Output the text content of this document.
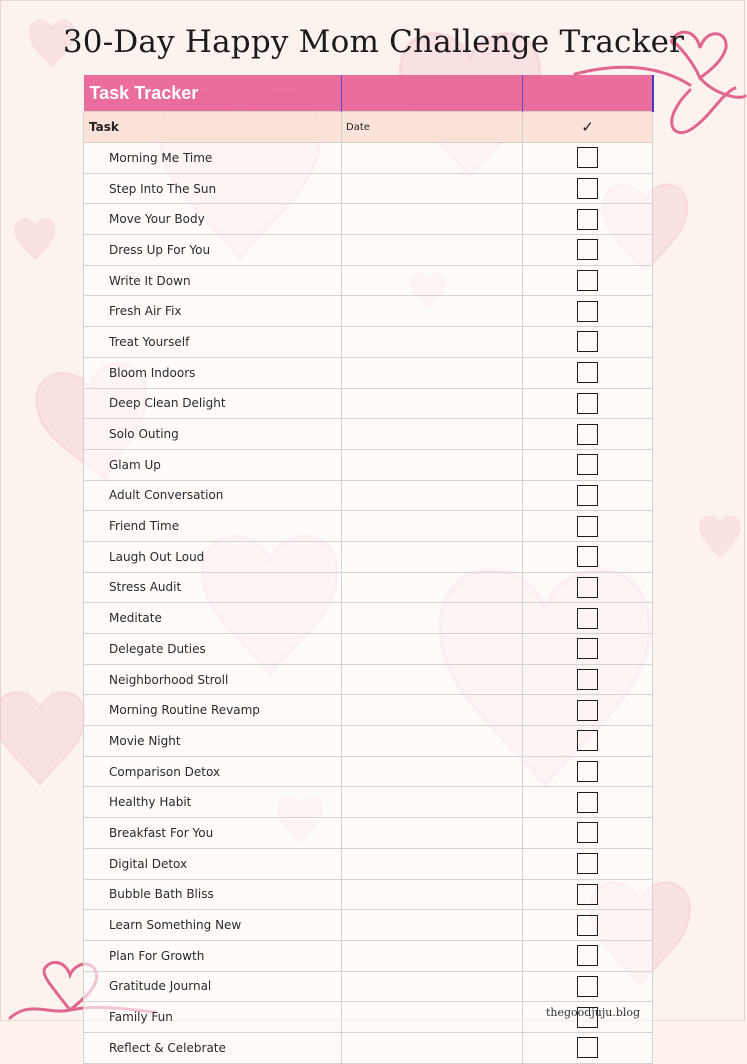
30-Day Happy Mom Challenge Tracker
Task Tracker		
Task	Date	✓
Morning Me Time		
Step Into The Sun		
Move Your Body		
Dress Up For You		
Write It Down		
Fresh Air Fix		
Treat Yourself		
Bloom Indoors		
Deep Clean Delight		
Solo Outing		
Glam Up		
Adult Conversation		
Friend Time		
Laugh Out Loud		
Stress Audit		
Meditate		
Delegate Duties		
Neighborhood Stroll		
Morning Routine Revamp		
Movie Night		
Comparison Detox		
Healthy Habit		
Breakfast For You		
Digital Detox		
Bubble Bath Bliss		
Learn Something New		
Plan For Growth		
Gratitude Journal		
Family Fun		
Reflect & Celebrate		
thegoodjuju.blog
